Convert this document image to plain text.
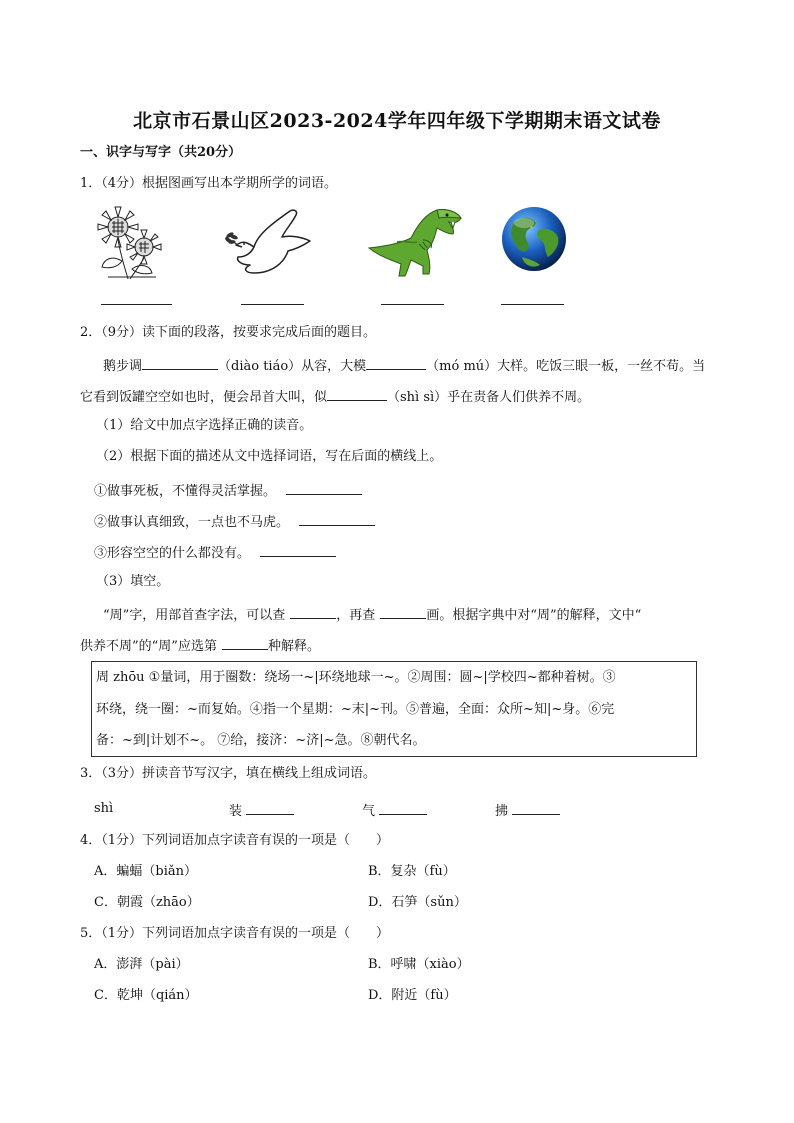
北京市石景山区2023-2024学年四年级下学期期末语文试卷
一、识字与写字（共20分）
1．（4分）根据图画写出本学期所学的词语。
2．（9分）读下面的段落，按要求完成后面的题目。
鹅步调	（diào tiáo）从容，大模	（mó mú）大样。吃饭三眼一板，一丝不苟。当
它看到饭罐空空如也时，便会昂首大叫，似	（shì sì）乎在责备人们供养不周。
（1）给文中加点字选择正确的读音。
（2）根据下面的描述从文中选择词语，写在后面的横线上。
①做事死板，不懂得灵活掌握。
②做事认真细致，一点也不马虎。
③形容空空的什么都没有。
（3）填空。
“周”字，用部首查字法，可以查	，再查	画。根据字典中对“周”的解释，文中“
供养不周”的“周”应选第	种解释。
周 zhōu ①量词，用于圈数：绕场一~|环绕地球一~。②周围：圆~|学校四~都种着树。③
环绕，绕一圈：~而复始。④指一个星期：~末|~刊。⑤普遍，全面：众所~知|~身。⑥完
备：~到|计划不~。 ⑦给，接济：~济|~急。⑧朝代名。
3．（3分）拼读音节写汉字，填在横线上组成词语。
shì	装	气	拂
4．（1分）下列词语加点字读音有误的一项是（　　）
A．蝙蝠（biǎn）	B．复杂（fù）
C．朝霞（zhāo）	D．石笋（sǔn）
5．（1分）下列词语加点字读音有误的一项是（　　）
A．澎湃（pài）	B．呼啸（xiào）
C．乾坤（qián）	D．附近（fù）
